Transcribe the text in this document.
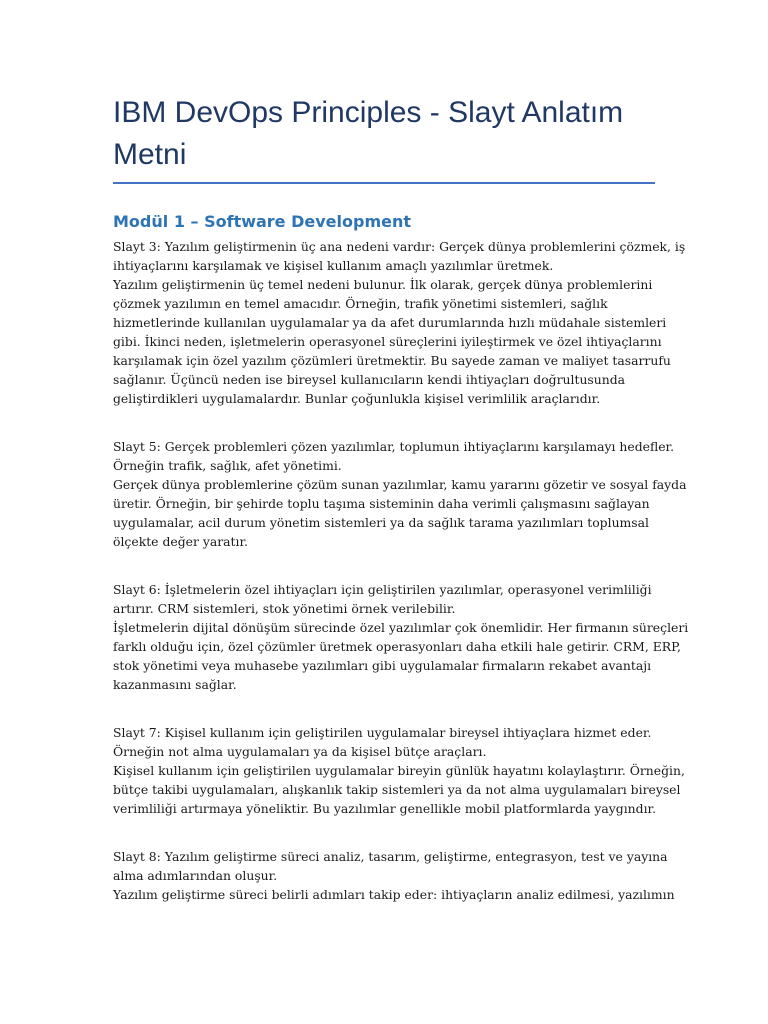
IBM DevOps Principles - Slayt Anlatım
Metni
Modül 1 – Software Development

Slayt 3: Yazılım geliştirmenin üç ana nedeni vardır: Gerçek dünya problemlerini çözmek, iş
ihtiyaçlarını karşılamak ve kişisel kullanım amaçlı yazılımlar üretmek.
Yazılım geliştirmenin üç temel nedeni bulunur. İlk olarak, gerçek dünya problemlerini
çözmek yazılımın en temel amacıdır. Örneğin, trafik yönetimi sistemleri, sağlık
hizmetlerinde kullanılan uygulamalar ya da afet durumlarında hızlı müdahale sistemleri
gibi. İkinci neden, işletmelerin operasyonel süreçlerini iyileştirmek ve özel ihtiyaçlarını
karşılamak için özel yazılım çözümleri üretmektir. Bu sayede zaman ve maliyet tasarrufu
sağlanır. Üçüncü neden ise bireysel kullanıcıların kendi ihtiyaçları doğrultusunda
geliştirdikleri uygulamalardır. Bunlar çoğunlukla kişisel verimlilik araçlarıdır.

Slayt 5: Gerçek problemleri çözen yazılımlar, toplumun ihtiyaçlarını karşılamayı hedefler.
Örneğin trafik, sağlık, afet yönetimi.
Gerçek dünya problemlerine çözüm sunan yazılımlar, kamu yararını gözetir ve sosyal fayda
üretir. Örneğin, bir şehirde toplu taşıma sisteminin daha verimli çalışmasını sağlayan
uygulamalar, acil durum yönetim sistemleri ya da sağlık tarama yazılımları toplumsal
ölçekte değer yaratır.

Slayt 6: İşletmelerin özel ihtiyaçları için geliştirilen yazılımlar, operasyonel verimliliği
artırır. CRM sistemleri, stok yönetimi örnek verilebilir.
İşletmelerin dijital dönüşüm sürecinde özel yazılımlar çok önemlidir. Her firmanın süreçleri
farklı olduğu için, özel çözümler üretmek operasyonları daha etkili hale getirir. CRM, ERP,
stok yönetimi veya muhasebe yazılımları gibi uygulamalar firmaların rekabet avantajı
kazanmasını sağlar.

Slayt 7: Kişisel kullanım için geliştirilen uygulamalar bireysel ihtiyaçlara hizmet eder.
Örneğin not alma uygulamaları ya da kişisel bütçe araçları.
Kişisel kullanım için geliştirilen uygulamalar bireyin günlük hayatını kolaylaştırır. Örneğin,
bütçe takibi uygulamaları, alışkanlık takip sistemleri ya da not alma uygulamaları bireysel
verimliliği artırmaya yöneliktir. Bu yazılımlar genellikle mobil platformlarda yaygındır.

Slayt 8: Yazılım geliştirme süreci analiz, tasarım, geliştirme, entegrasyon, test ve yayına
alma adımlarından oluşur.
Yazılım geliştirme süreci belirli adımları takip eder: ihtiyaçların analiz edilmesi, yazılımın
